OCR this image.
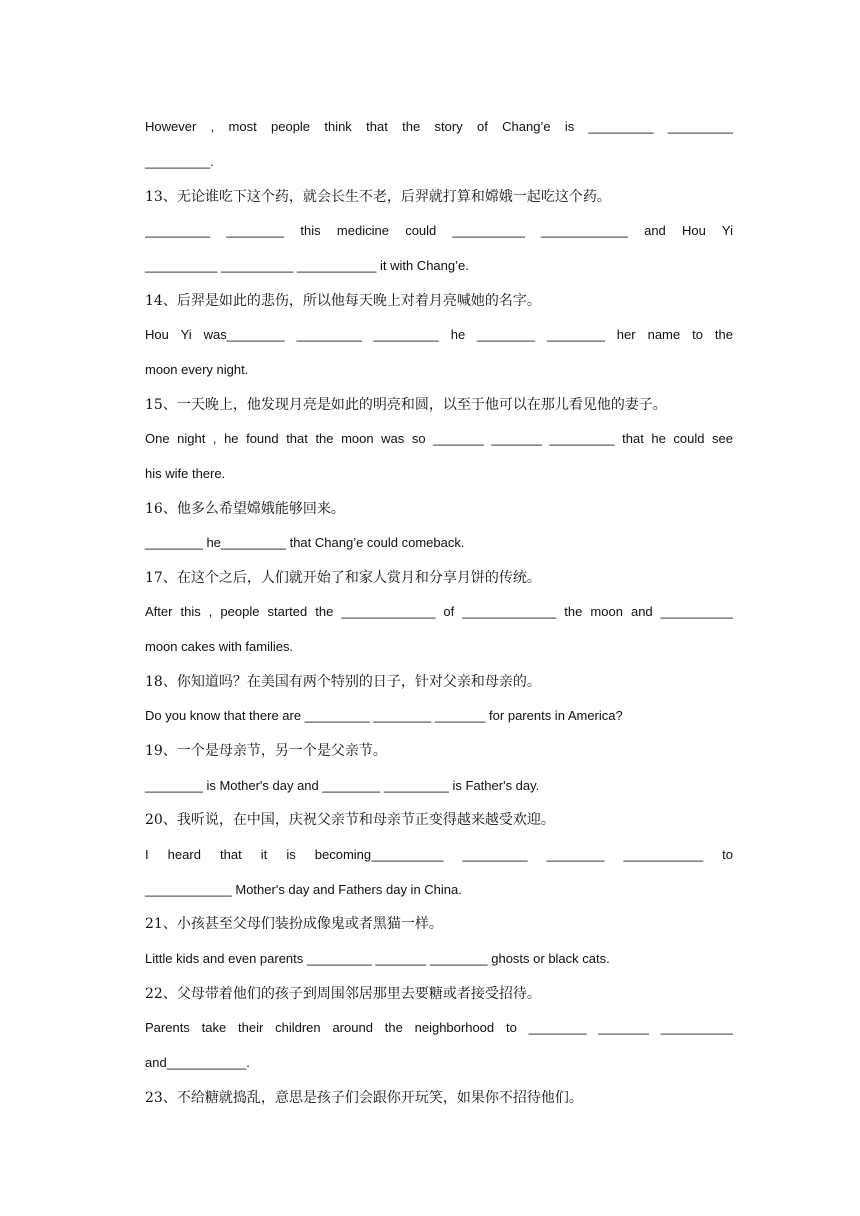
However , most people think that the story of Chang’e is _________ _________
_________.
13、无论谁吃下这个药，就会长生不老，后羿就打算和嫦娥一起吃这个药。
_________ ________ this medicine could __________ ____________ and Hou Yi
__________ __________ ___________ it with Chang’e.
14、后羿是如此的悲伤，所以他每天晚上对着月亮喊她的名字。
Hou Yi was________ _________ _________ he ________ ________ her name to the
moon every night.
15、一天晚上，他发现月亮是如此的明亮和圆，以至于他可以在那儿看见他的妻子。
One night , he found that the moon was so _______ _______ _________ that he could see
his wife there.
16、他多么希望嫦娥能够回来。
________ he_________ that Chang’e could comeback.
17、在这个之后，人们就开始了和家人赏月和分享月饼的传统。
After this , people started the _____________ of _____________ the moon and __________
moon cakes with families.
18、你知道吗？在美国有两个特别的日子，针对父亲和母亲的。
Do you know that there are _________ ________ _______ for parents in America?
19、一个是母亲节，另一个是父亲节。
________ is Mother's day and ________ _________ is Father's day.
20、我听说，在中国，庆祝父亲节和母亲节正变得越来越受欢迎。
I heard that it is becoming__________ _________ ________ ___________ to
____________ Mother's day and Fathers day in China.
21、小孩甚至父母们装扮成像鬼或者黑猫一样。
Little kids and even parents _________ _______ ________ ghosts or black cats.
22、父母带着他们的孩子到周围邻居那里去要糖或者接受招待。
Parents take their children around the neighborhood to ________ _______ __________
and___________.
23、不给糖就捣乱，意思是孩子们会跟你开玩笑，如果你不招待他们。
